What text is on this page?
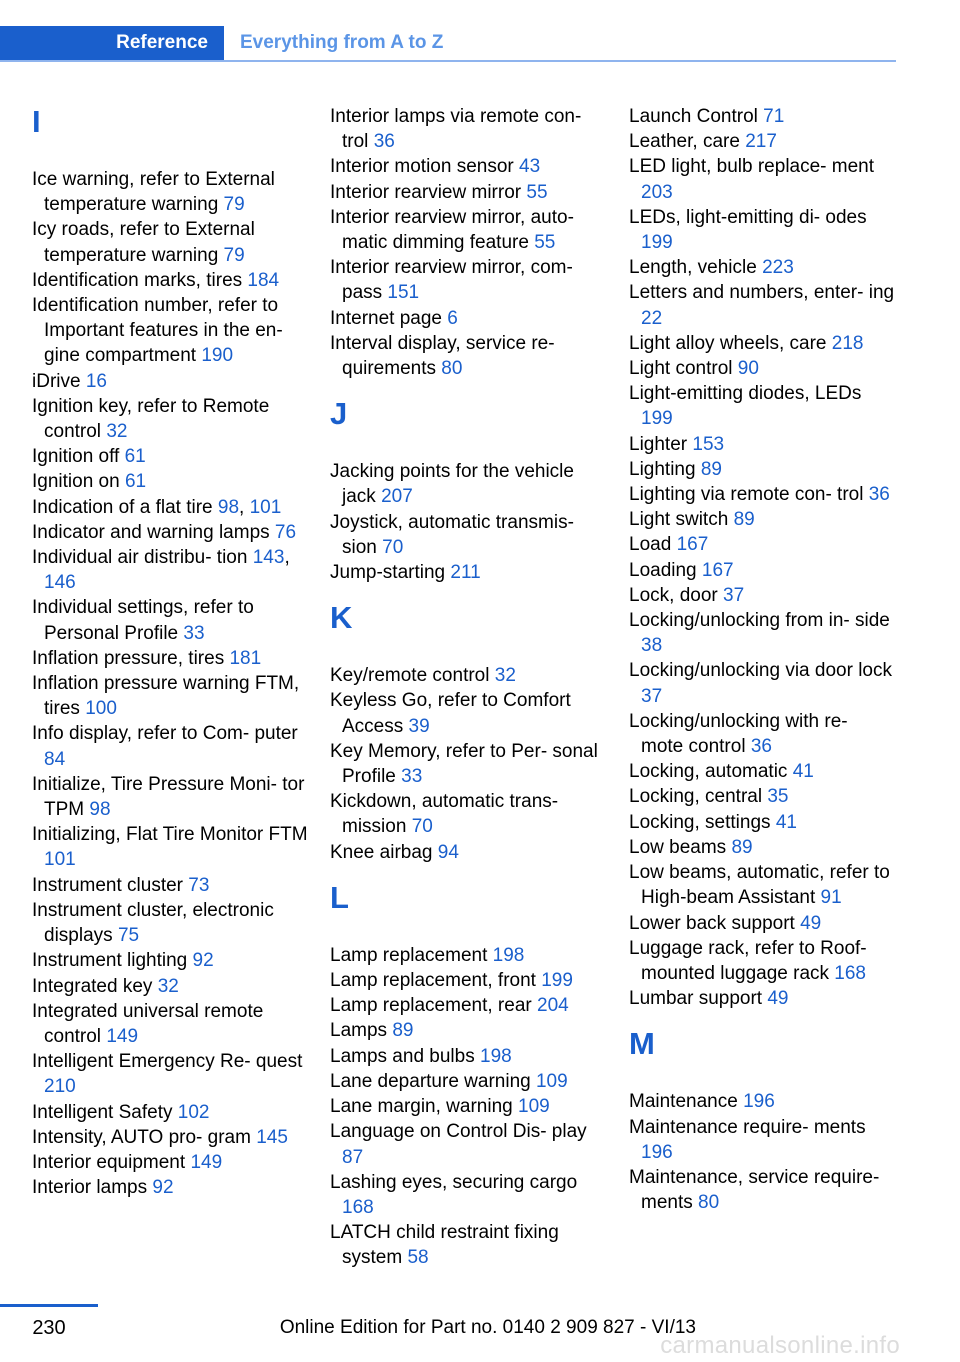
Reference	Everything from A to Z
I
Ice warning, refer to External temperature warning 79
Icy roads, refer to External temperature warning 79
Identification marks, tires 184
Identification number, refer to Important features in the en‐ gine compartment 190
iDrive 16
Ignition key, refer to Remote control 32
Ignition off 61
Ignition on 61
Indication of a flat tire 98, 101
Indicator and warning lamps 76
Individual air distribu‐ tion 143, 146
Individual settings, refer to Personal Profile 33
Inflation pressure, tires 181
Inflation pressure warning FTM, tires 100
Info display, refer to Com‐ puter 84
Initialize, Tire Pressure Moni‐ tor TPM 98
Initializing, Flat Tire Monitor FTM 101
Instrument cluster 73
Instrument cluster, electronic displays 75
Instrument lighting 92
Integrated key 32
Integrated universal remote control 149
Intelligent Emergency Re‐ quest 210
Intelligent Safety 102
Intensity, AUTO pro‐ gram 145
Interior equipment 149
Interior lamps 92
Interior lamps via remote con‐ trol 36
Interior motion sensor 43
Interior rearview mirror 55
Interior rearview mirror, auto‐ matic dimming feature 55
Interior rearview mirror, com‐ pass 151
Internet page 6
Interval display, service re‐ quirements 80
J
Jacking points for the vehicle jack 207
Joystick, automatic transmis‐ sion 70
Jump-starting 211
K
Key/remote control 32
Keyless Go, refer to Comfort Access 39
Key Memory, refer to Per‐ sonal Profile 33
Kickdown, automatic trans‐ mission 70
Knee airbag 94
L
Lamp replacement 198
Lamp replacement, front 199
Lamp replacement, rear 204
Lamps 89
Lamps and bulbs 198
Lane departure warning 109
Lane margin, warning 109
Language on Control Dis‐ play 87
Lashing eyes, securing cargo 168
LATCH child restraint fixing system 58
Launch Control 71
Leather, care 217
LED light, bulb replace‐ ment 203
LEDs, light-emitting di‐ odes 199
Length, vehicle 223
Letters and numbers, enter‐ ing 22
Light alloy wheels, care 218
Light control 90
Light-emitting diodes, LEDs 199
Lighter 153
Lighting 89
Lighting via remote con‐ trol 36
Light switch 89
Load 167
Loading 167
Lock, door 37
Locking/unlocking from in‐ side 38
Locking/unlocking via door lock 37
Locking/unlocking with re‐ mote control 36
Locking, automatic 41
Locking, central 35
Locking, settings 41
Low beams 89
Low beams, automatic, refer to High-beam Assistant 91
Lower back support 49
Luggage rack, refer to Roof- mounted luggage rack 168
Lumbar support 49
M
Maintenance 196
Maintenance require‐ ments 196
Maintenance, service require‐ ments 80
230	Online Edition for Part no. 0140 2 909 827 - VI/13
carmanualsonline.info
